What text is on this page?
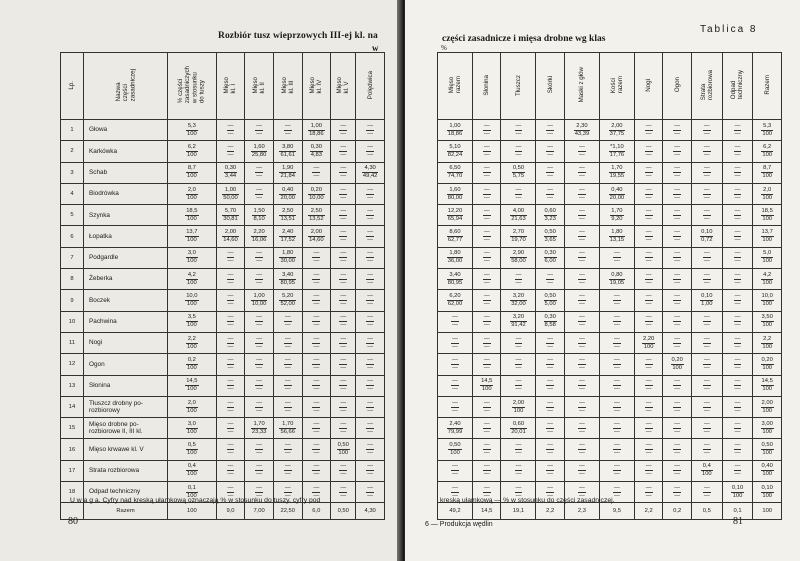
Rozbiór tusz wieprzowych III-ej kl. na
w
Lp.	Nazwa
części
zasadniczej	% części
zasadniczych
w stosunku
do tuszy	Mięso
kl. I	Mięso
kl. II	Mięso
kl. III	Mięso
kl. IV	Mięso
kl. V	Polędwica
1	Głowa	$\frac{5,3}{100}$	$\frac{—}{—}$	$\frac{—}{—}$	$\frac{—}{—}$	$\frac{1,00}{18,86}$	$\frac{—}{—}$	$\frac{—}{—}$

2	Karkówka	$\frac{6,2}{100}$	$\frac{—}{—}$	$\frac{1,60}{25,80}$	$\frac{3,80}{61,61}$	$\frac{0,30}{4,83}$	$\frac{—}{—}$	$\frac{—}{—}$

3	Schab	$\frac{8,7}{100}$	$\frac{0,30}{3,44}$	$\frac{—}{—}$	$\frac{1,90}{21,84}$	$\frac{—}{—}$	$\frac{—}{—}$	$\frac{4,30}{49,42}$

4	Biodrówka	$\frac{2,0}{100}$	$\frac{1,00}{50,00}$	$\frac{—}{—}$	$\frac{0,40}{20,00}$	$\frac{0,20}{10,00}$	$\frac{—}{—}$	$\frac{—}{—}$

5	Szynka	$\frac{18,5}{100}$	$\frac{5,70}{30,81}$	$\frac{1,50}{8,10}$	$\frac{2,50}{13,51}$	$\frac{2,50}{13,52}$	$\frac{—}{—}$	$\frac{—}{—}$

6	Łopatka	$\frac{13,7}{100}$	$\frac{2,00}{14,60}$	$\frac{2,20}{16,06}$	$\frac{2,40}{17,52}$	$\frac{2,00}{14,60}$	$\frac{—}{—}$	$\frac{—}{—}$

7	Podgardle	$\frac{3,0}{100}$	$\frac{—}{—}$	$\frac{—}{—}$	$\frac{1,80}{30,00}$	$\frac{—}{—}$	$\frac{—}{—}$	$\frac{—}{—}$

8	Żeberka	$\frac{4,2}{100}$	$\frac{—}{—}$	$\frac{—}{—}$	$\frac{3,40}{80,95}$	$\frac{—}{—}$	$\frac{—}{—}$	$\frac{—}{—}$

9	Boczek	$\frac{10,0}{100}$	$\frac{—}{—}$	$\frac{1,00}{10,00}$	$\frac{5,20}{52,00}$	$\frac{—}{—}$	$\frac{—}{—}$	$\frac{—}{—}$

10	Pachwina	$\frac{3,5}{100}$	$\frac{—}{—}$	$\frac{—}{—}$	$\frac{—}{—}$	$\frac{—}{—}$	$\frac{—}{—}$	$\frac{—}{—}$

11	Nogi	$\frac{2,2}{100}$	$\frac{—}{—}$	$\frac{—}{—}$	$\frac{—}{—}$	$\frac{—}{—}$	$\frac{—}{—}$	$\frac{—}{—}$

12	Ogon	$\frac{0,2}{100}$	$\frac{—}{—}$	$\frac{—}{—}$	$\frac{—}{—}$	$\frac{—}{—}$	$\frac{—}{—}$	$\frac{—}{—}$

13	Słonina	$\frac{14,5}{100}$	$\frac{—}{—}$	$\frac{—}{—}$	$\frac{—}{—}$	$\frac{—}{—}$	$\frac{—}{—}$	$\frac{—}{—}$

14	Tłuszcz drobny po-
rozbiorowy	$\frac{2,0}{100}$	$\frac{—}{—}$	$\frac{—}{—}$	$\frac{—}{—}$	$\frac{—}{—}$	$\frac{—}{—}$	$\frac{—}{—}$

15	Mięso drobne po-
rozbiorowe II, III kl.	$\frac{3,0}{100}$	$\frac{—}{—}$	$\frac{1,70}{23,33}$	$\frac{1,70}{56,66}$	$\frac{—}{—}$	$\frac{—}{—}$	$\frac{—}{—}$

16	Mięso krwawe kl. V	$\frac{0,5}{100}$	$\frac{—}{—}$	$\frac{—}{—}$	$\frac{—}{—}$	$\frac{—}{—}$	$\frac{0,50}{100}$	$\frac{—}{—}$

17	Strata rozbiorowa	$\frac{0,4}{100}$	$\frac{—}{—}$	$\frac{—}{—}$	$\frac{—}{—}$	$\frac{—}{—}$	$\frac{—}{—}$	$\frac{—}{—}$

18	Odpad techniczny	$\frac{0,1}{100}$	$\frac{—}{—}$	$\frac{—}{—}$	$\frac{—}{—}$	$\frac{—}{—}$	$\frac{—}{—}$	$\frac{—}{—}$

	Razem	100	9,0	7,00	22,50	6,0	0,50	4,30
U w a g a. Cyfry nad kreską ułamkową oznaczają % w stosunku do tuszy, cyfry pod
80
Tablica 8
części zasadnicze i mięsa drobne wg klas
%
Mięso
razem	Słonina	Tłuszcz	Skórki	Maski z głów	Kości
razem	Nogi	Ogon	Strata
rozbiorowa	Odpad
techniczny	Razem

$\frac{1,00}{18,86}$	$\frac{—}{—}$	$\frac{—}{—}$	$\frac{—}{—}$	$\frac{2,30}{43,39}$	$\frac{2,00}{37,75}$	$\frac{—}{—}$	$\frac{—}{—}$	$\frac{—}{—}$	$\frac{—}{—}$	$\frac{5,3}{100}$

$\frac{5,10}{82,24}$	$\frac{—}{—}$	$\frac{—}{—}$	$\frac{—}{—}$	$\frac{—}{—}$	$\frac{*1,10}{17,76}$	$\frac{—}{—}$	$\frac{—}{—}$	$\frac{—}{—}$	$\frac{—}{—}$	$\frac{6,2}{100}$

$\frac{6,50}{74,70}$	$\frac{—}{—}$	$\frac{0,50}{5,75}$	$\frac{—}{—}$	$\frac{—}{—}$	$\frac{1,70}{19,55}$	$\frac{—}{—}$	$\frac{—}{—}$	$\frac{—}{—}$	$\frac{—}{—}$	$\frac{8,7}{100}$

$\frac{1,60}{80,00}$	$\frac{—}{—}$	$\frac{—}{—}$	$\frac{—}{—}$	$\frac{—}{—}$	$\frac{0,40}{20,00}$	$\frac{—}{—}$	$\frac{—}{—}$	$\frac{—}{—}$	$\frac{—}{—}$	$\frac{2,0}{100}$

$\frac{12,20}{65,94}$	$\frac{—}{—}$	$\frac{4,00}{21,63}$	$\frac{0,60}{3,23}$	$\frac{—}{—}$	$\frac{1,70}{9,20}$	$\frac{—}{—}$	$\frac{—}{—}$	$\frac{—}{—}$	$\frac{—}{—}$	$\frac{18,5}{100}$

$\frac{8,60}{62,77}$	$\frac{—}{—}$	$\frac{2,70}{19,70}$	$\frac{0,50}{3,65}$	$\frac{—}{—}$	$\frac{1,80}{13,15}$	$\frac{—}{—}$	$\frac{—}{—}$	$\frac{0,10}{0,72}$	$\frac{—}{—}$	$\frac{13,7}{100}$

$\frac{1,80}{36,00}$	$\frac{—}{—}$	$\frac{2,90}{58,00}$	$\frac{0,30}{6,00}$	$\frac{—}{—}$	$\frac{—}{—}$	$\frac{—}{—}$	$\frac{—}{—}$	$\frac{—}{—}$	$\frac{—}{—}$	$\frac{5,0}{100}$

$\frac{3,40}{80,95}$	$\frac{—}{—}$	$\frac{—}{—}$	$\frac{—}{—}$	$\frac{—}{—}$	$\frac{0,80}{19,05}$	$\frac{—}{—}$	$\frac{—}{—}$	$\frac{—}{—}$	$\frac{—}{—}$	$\frac{4,2}{100}$

$\frac{6,20}{62,00}$	$\frac{—}{—}$	$\frac{3,20}{32,00}$	$\frac{0,50}{5,00}$	$\frac{—}{—}$	$\frac{—}{—}$	$\frac{—}{—}$	$\frac{—}{—}$	$\frac{0,10}{1,00}$	$\frac{—}{—}$	$\frac{10,0}{100}$

$\frac{—}{—}$	$\frac{—}{—}$	$\frac{3,20}{91,42}$	$\frac{0,30}{8,58}$	$\frac{—}{—}$	$\frac{—}{—}$	$\frac{—}{—}$	$\frac{—}{—}$	$\frac{—}{—}$	$\frac{—}{—}$	$\frac{3,50}{100}$

$\frac{—}{—}$	$\frac{—}{—}$	$\frac{—}{—}$	$\frac{—}{—}$	$\frac{—}{—}$	$\frac{—}{—}$	$\frac{2,20}{100}$	$\frac{—}{—}$	$\frac{—}{—}$	$\frac{—}{—}$	$\frac{2,2}{100}$

$\frac{—}{—}$	$\frac{—}{—}$	$\frac{—}{—}$	$\frac{—}{—}$	$\frac{—}{—}$	$\frac{—}{—}$	$\frac{—}{—}$	$\frac{0,20}{100}$	$\frac{—}{—}$	$\frac{—}{—}$	$\frac{0,20}{100}$

$\frac{—}{—}$	$\frac{14,5}{100}$	$\frac{—}{—}$	$\frac{—}{—}$	$\frac{—}{—}$	$\frac{—}{—}$	$\frac{—}{—}$	$\frac{—}{—}$	$\frac{—}{—}$	$\frac{—}{—}$	$\frac{14,5}{100}$

$\frac{—}{—}$	$\frac{—}{—}$	$\frac{2,00}{100}$	$\frac{—}{—}$	$\frac{—}{—}$	$\frac{—}{—}$	$\frac{—}{—}$	$\frac{—}{—}$	$\frac{—}{—}$	$\frac{—}{—}$	$\frac{2,00}{100}$

$\frac{2,40}{79,99}$	$\frac{—}{—}$	$\frac{0,60}{20,01}$	$\frac{—}{—}$	$\frac{—}{—}$	$\frac{—}{—}$	$\frac{—}{—}$	$\frac{—}{—}$	$\frac{—}{—}$	$\frac{—}{—}$	$\frac{3,00}{100}$

$\frac{0,50}{100}$	$\frac{—}{—}$	$\frac{—}{—}$	$\frac{—}{—}$	$\frac{—}{—}$	$\frac{—}{—}$	$\frac{—}{—}$	$\frac{—}{—}$	$\frac{—}{—}$	$\frac{—}{—}$	$\frac{0,50}{100}$

$\frac{—}{—}$	$\frac{—}{—}$	$\frac{—}{—}$	$\frac{—}{—}$	$\frac{—}{—}$	$\frac{—}{—}$	$\frac{—}{—}$	$\frac{—}{—}$	$\frac{0,4}{100}$	$\frac{—}{—}$	$\frac{0,40}{100}$

$\frac{—}{—}$	$\frac{—}{—}$	$\frac{—}{—}$	$\frac{—}{—}$	$\frac{—}{—}$	$\frac{—}{—}$	$\frac{—}{—}$	$\frac{—}{—}$	$\frac{—}{—}$	$\frac{0,10}{100}$	$\frac{0,10}{100}$

49,2	14,5	19,1	2,2	2,3	9,5	2,2	0,2	0,5	0,1	100
kreską ułamkową — % w stosunku do części zasadniczej.
6 — Produkcja wędlin	81
